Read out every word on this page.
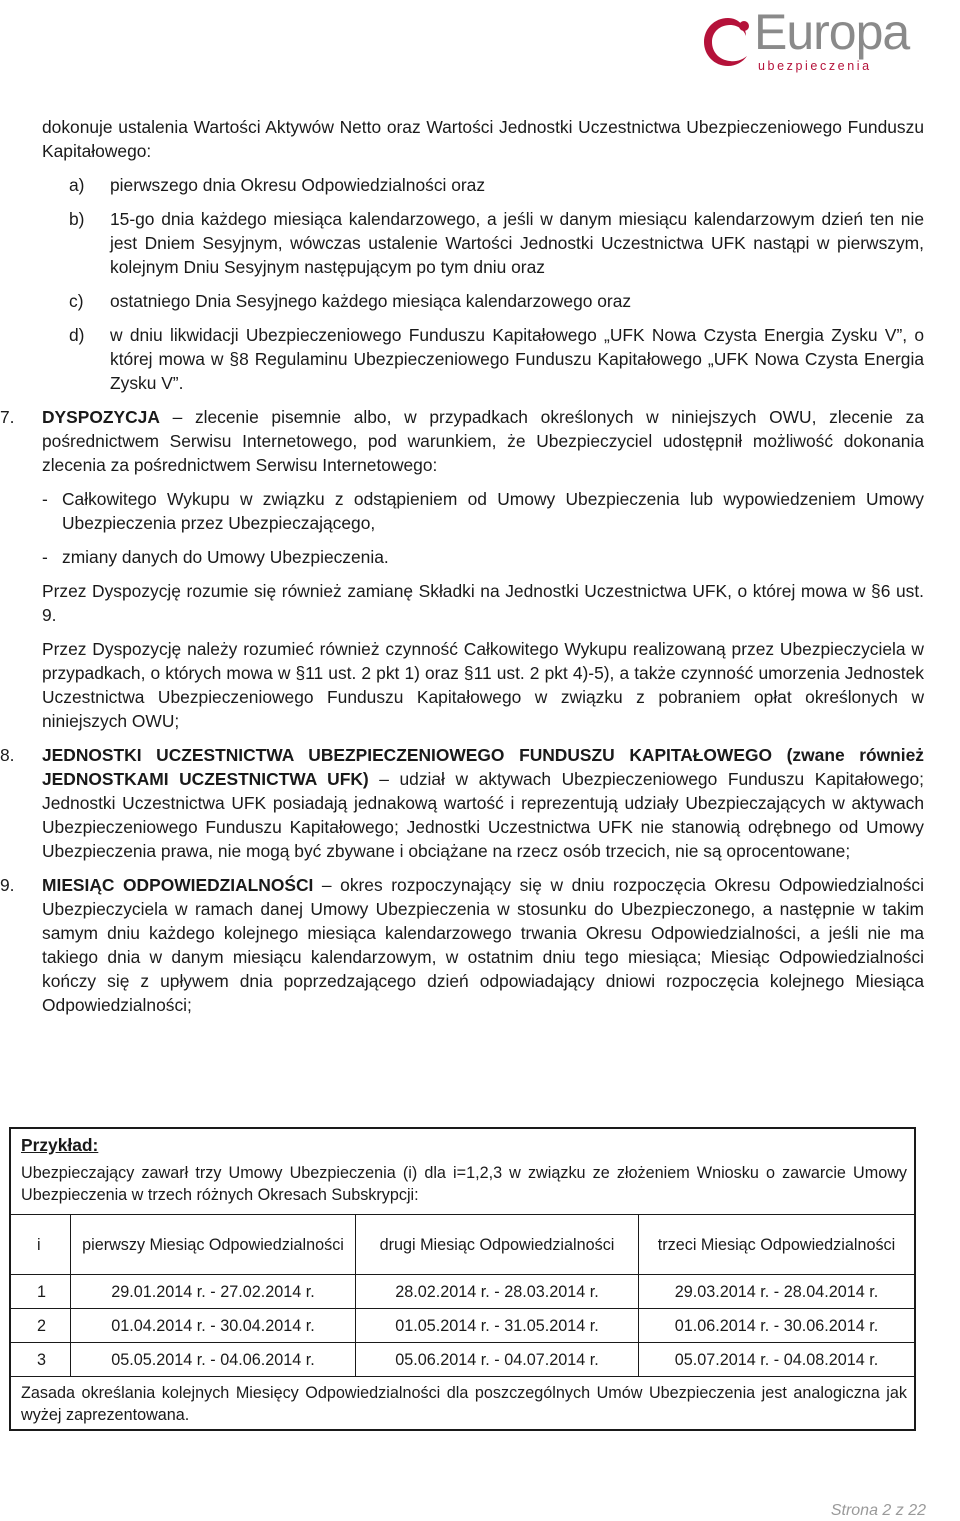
Europa
ubezpieczenia

dokonuje ustalenia Wartości Aktywów Netto oraz Wartości Jednostki Uczestnictwa Ubezpieczeniowego Funduszu Kapitałowego:

a) pierwszego dnia Okresu Odpowiedzialności oraz
b) 15-go dnia każdego miesiąca kalendarzowego, a jeśli w danym miesiącu kalendarzowym dzień ten nie jest Dniem Sesyjnym, wówczas ustalenie Wartości Jednostki Uczestnictwa UFK nastąpi w pierwszym, kolejnym Dniu Sesyjnym następującym po tym dniu oraz
c) ostatniego Dnia Sesyjnego każdego miesiąca kalendarzowego oraz
d) w dniu likwidacji Ubezpieczeniowego Funduszu Kapitałowego „UFK Nowa Czysta Energia Zysku V”, o której mowa w §8 Regulaminu Ubezpieczeniowego Funduszu Kapitałowego „UFK Nowa Czysta Energia Zysku V”.
7.	DYSPOZYCJA – zlecenie pisemnie albo, w przypadkach określonych w niniejszych OWU, zlecenie za pośrednictwem Serwisu Internetowego, pod warunkiem, że Ubezpieczyciel udostępnił możliwość dokonania zlecenia za pośrednictwem Serwisu Internetowego:

- Całkowitego Wykupu w związku z odstąpieniem od Umowy Ubezpieczenia lub wypowiedzeniem Umowy Ubezpieczenia przez Ubezpieczającego,
- zmiany danych do Umowy Ubezpieczenia.

Przez Dyspozycję rozumie się również zamianę Składki na Jednostki Uczestnictwa UFK, o której mowa w §6 ust. 9.

Przez Dyspozycję należy rozumieć również czynność Całkowitego Wykupu realizowaną przez Ubezpieczyciela w przypadkach, o których mowa w §11 ust. 2 pkt 1) oraz §11 ust. 2 pkt 4)-5), a także czynność umorzenia Jednostek Uczestnictwa Ubezpieczeniowego Funduszu Kapitałowego w związku z pobraniem opłat określonych w niniejszych OWU;

8.	JEDNOSTKI UCZESTNICTWA UBEZPIECZENIOWEGO FUNDUSZU KAPITAŁOWEGO (zwane również JEDNOSTKAMI UCZESTNICTWA UFK) – udział w aktywach Ubezpieczeniowego Funduszu Kapitałowego; Jednostki Uczestnictwa UFK posiadają jednakową wartość i reprezentują udziały Ubezpieczających w aktywach Ubezpieczeniowego Funduszu Kapitałowego; Jednostki Uczestnictwa UFK nie stanowią odrębnego od Umowy Ubezpieczenia prawa, nie mogą być zbywane i obciążane na rzecz osób trzecich, nie są oprocentowane;

9.	MIESIĄC ODPOWIEDZIALNOŚCI – okres rozpoczynający się w dniu rozpoczęcia Okresu Odpowiedzialności Ubezpieczyciela w ramach danej Umowy Ubezpieczenia w stosunku do Ubezpieczonego, a następnie w takim samym dniu każdego kolejnego miesiąca kalendarzowego trwania Okresu Odpowiedzialności, a jeśli nie ma takiego dnia w danym miesiącu kalendarzowym, w ostatnim dniu tego miesiąca; Miesiąc Odpowiedzialności kończy się z upływem dnia poprzedzającego dzień odpowiadający dniowi rozpoczęcia kolejnego Miesiąca Odpowiedzialności;

Przykład:
Ubezpieczający zawarł trzy Umowy Ubezpieczenia (i) dla i=1,2,3 w związku ze złożeniem Wniosku o zawarcie Umowy Ubezpieczenia w trzech różnych Okresach Subskrypcji:
i	pierwszy Miesiąc Odpowiedzialności	drugi Miesiąc Odpowiedzialności	trzeci Miesiąc Odpowiedzialności
1	29.01.2014 r. - 27.02.2014 r.	28.02.2014 r. - 28.03.2014 r.	29.03.2014 r. - 28.04.2014 r.
2	01.04.2014 r. - 30.04.2014 r.	01.05.2014 r. - 31.05.2014 r.	01.06.2014 r. - 30.06.2014 r.
3	05.05.2014 r. - 04.06.2014 r.	05.06.2014 r. - 04.07.2014 r.	05.07.2014 r. - 04.08.2014 r.
Zasada określania kolejnych Miesięcy Odpowiedzialności dla poszczególnych Umów Ubezpieczenia jest analogiczna jak wyżej zaprezentowana.
Strona 2 z 22
